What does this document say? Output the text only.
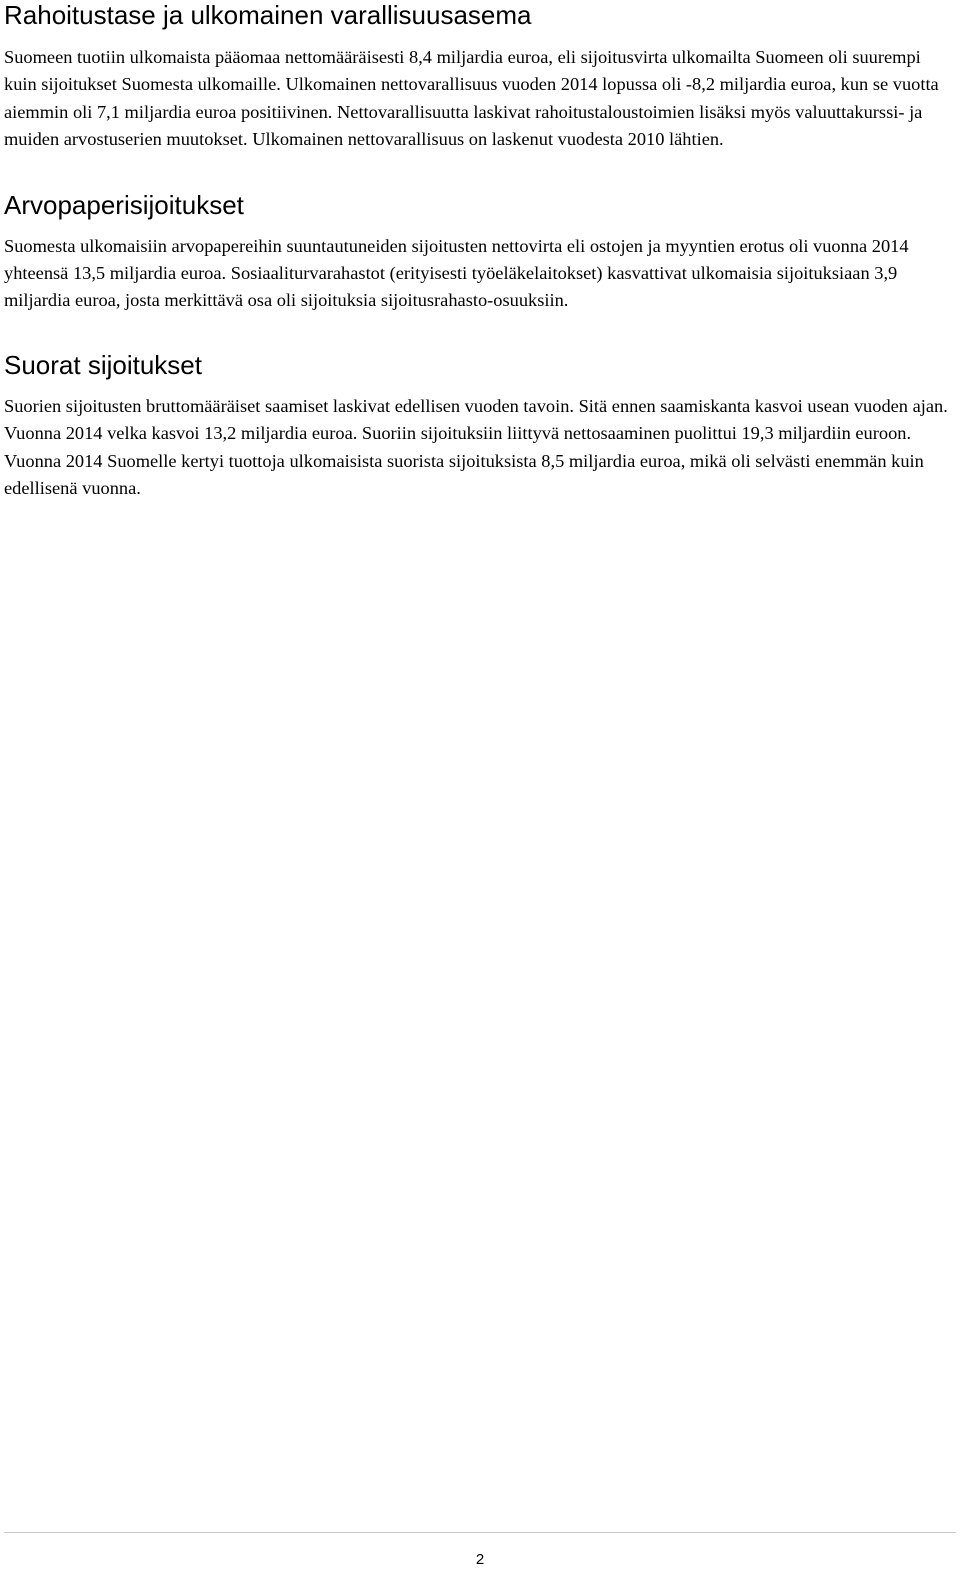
Rahoitustase ja ulkomainen varallisuusasema

Suomeen tuotiin ulkomaista pääomaa nettomääräisesti 8,4 miljardia euroa, eli sijoitusvirta ulkomailta Suomeen oli suurempi kuin sijoitukset Suomesta ulkomaille. Ulkomainen nettovarallisuus vuoden 2014 lopussa oli -8,2 miljardia euroa, kun se vuotta aiemmin oli 7,1 miljardia euroa positiivinen. Nettovarallisuutta laskivat rahoitustaloustoimien lisäksi myös valuuttakurssi- ja muiden arvostuserien muutokset. Ulkomainen nettovarallisuus on laskenut vuodesta 2010 lähtien.

Arvopaperisijoitukset

Suomesta ulkomaisiin arvopapereihin suuntautuneiden sijoitusten nettovirta eli ostojen ja myyntien erotus oli vuonna 2014 yhteensä 13,5 miljardia euroa. Sosiaaliturvarahastot (erityisesti työeläkelaitokset) kasvattivat ulkomaisia sijoituksiaan 3,9 miljardia euroa, josta merkittävä osa oli sijoituksia sijoitusrahasto-osuuksiin.

Suorat sijoitukset

Suorien sijoitusten bruttomääräiset saamiset laskivat edellisen vuoden tavoin. Sitä ennen saamiskanta kasvoi usean vuoden ajan. Vuonna 2014 velka kasvoi 13,2 miljardia euroa. Suoriin sijoituksiin liittyvä nettosaaminen puolittui 19,3 miljardiin euroon. Vuonna 2014 Suomelle kertyi tuottoja ulkomaisista suorista sijoituksista 8,5 miljardia euroa, mikä oli selvästi enemmän kuin edellisenä vuonna.

2
